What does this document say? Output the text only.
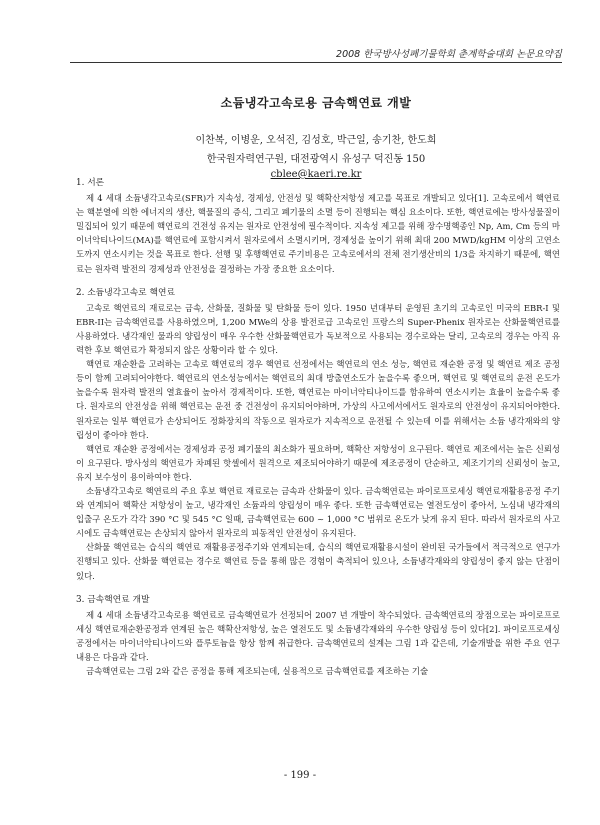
2008 한국방사성폐기물학회 춘계학술대회 논문요약집
소듐냉각고속로용 금속핵연료 개발

이찬복, 이병운, 오석진, 김성호, 박근일, 송기찬, 한도희

한국원자력연구원, 대전광역시 유성구 덕진동 150

cblee@kaeri.re.kr

1. 서론

제 4 세대 소듐냉각고속로(SFR)가 지속성, 경제성, 안전성 및 핵확산저항성 제고를 목표로 개발되고 있다[1]. 고속로에서 핵연료는 핵분열에 의한 에너지의 생산, 핵물질의 증식, 그리고 폐기물의 소멸 등이 진행되는 핵심 요소이다. 또한, 핵연료에는 방사성물질이 밀집되어 있기 때문에 핵연료의 건전성 유지는 원자로 안전성에 필수적이다. 지속성 제고를 위해 장수명핵종인 Np, Am, Cm 등의 마이너악티나이드(MA)를 핵연료에 포함시켜서 원자로에서 소멸시키며, 경제성을 높이기 위해 최대 200 MWD/kgHM 이상의 고연소도까지 연소시키는 것을 목표로 한다. 선행 및 후행핵연료 주기비용은 고속로에서의 전체 전기생산비의 1/3을 차지하기 때문에, 핵연료는 원자력 발전의 경제성과 안전성을 결정하는 가장 중요한 요소이다.

2. 소듐냉각고속로 핵연료

고속로 핵연료의 재료로는 금속, 산화물, 질화물 및 탄화물 등이 있다. 1950 년대부터 운영된 초기의 고속로인 미국의 EBR-I 및 EBR-II는 금속핵연료를 사용하였으며, 1,200 MWe의 상용 발전로급 고속로인 프랑스의 Super-Phenix 원자로는 산화물핵연료를 사용하였다. 냉각재인 물과의 양립성이 매우 우수한 산화물핵연료가 독보적으로 사용되는 경수로와는 달리, 고속로의 경우는 아직 유력한 후보 핵연료가 확정되지 않은 상황이라 할 수 있다.

핵연료 재순환을 고려하는 고속로 핵연료의 경우 핵연료 선정에서는 핵연료의 연소 성능, 핵연료 재순환 공정 및 핵연료 제조 공정 등이 함께 고려되어야한다. 핵연료의 연소성능에서는 핵연료의 최대 방출연소도가 높을수록 좋으며, 핵연료 및 핵연료의 운전 온도가 높을수록 원자력 발전의 열효율이 높아서 경제적이다. 또한, 핵연료는 마이너악티나이드를 함유하여 연소시키는 효율이 높을수록 좋다. 원자로의 안전성을 위해 핵연료는 운전 중 건전성이 유지되어야하며, 가상의 사고에서에서도 원자로의 안전성이 유지되어야한다. 원자로는 일부 핵연료가 손상되어도 정화장치의 작동으로 원자로가 지속적으로 운전될 수 있는데 이를 위해서는 소듐 냉각재와의 양립성이 좋아야 한다.

핵연료 재순환 공정에서는 경제성과 공정 폐기물의 최소화가 필요하며, 핵확산 저항성이 요구된다. 핵연료 제조에서는 높은 신뢰성이 요구된다. 방사성의 핵연료가 차폐된 핫셀에서 원격으로 제조되어야하기 때문에 제조공정이 단순하고, 제조기기의 신뢰성이 높고, 유지 보수성이 용이하여야 한다.

소듐냉각고속로 핵연료의 주요 후보 핵연료 재료로는 금속과 산화물이 있다. 금속핵연료는 파이로프로세싱 핵연료재활용공정 주기와 연계되어 핵확산 저항성이 높고, 냉각재인 소듐과의 양립성이 매우 좋다. 또한 금속핵연료는 열전도성이 좋아서, 노심내 냉각재의 입출구 온도가 각각 390 °C 및 545 °C 일때, 금속핵연료는 600 ~ 1,000 °C 범위로 온도가 낮게 유지 된다. 따라서 원자로의 사고 시에도 금속핵연료는 손상되지 않아서 원자로의 피동적인 안전성이 유지된다.

산화물 핵연료는 습식의 핵연료 재활용공정주기와 연계되는데, 습식의 핵연료재활용시설이 완비된 국가들에서 적극적으로 연구가 진행되고 있다. 산화물 핵연료는 경수로 핵연료 등을 통해 많은 경험이 축적되어 있으나, 소듐냉각재와의 양립성이 좋지 않는 단점이 있다.

3. 금속핵연료 개발

제 4 세대 소듐냉각고속로용 핵연료로 금속핵연료가 선정되어 2007 년 개발이 착수되었다. 금속핵연료의 장점으로는 파이로프로세싱 핵연료재순환공정과 연계된 높은 핵확산저항성, 높은 열전도도 및 소듐냉각재와의 우수한 양립성 등이 있다[2]. 파이로프로세싱 공정에서는 마이너악티나이드와 플루토늄을 항상 함께 취급한다. 금속핵연료의 설계는 그림 1과 같은데, 기술개발을 위한 주요 연구 내용은 다음과 같다.

금속핵연료는 그림 2와 같은 공정을 통해 제조되는데, 실용적으로 금속핵연료를 제조하는 기술

- 199 -
